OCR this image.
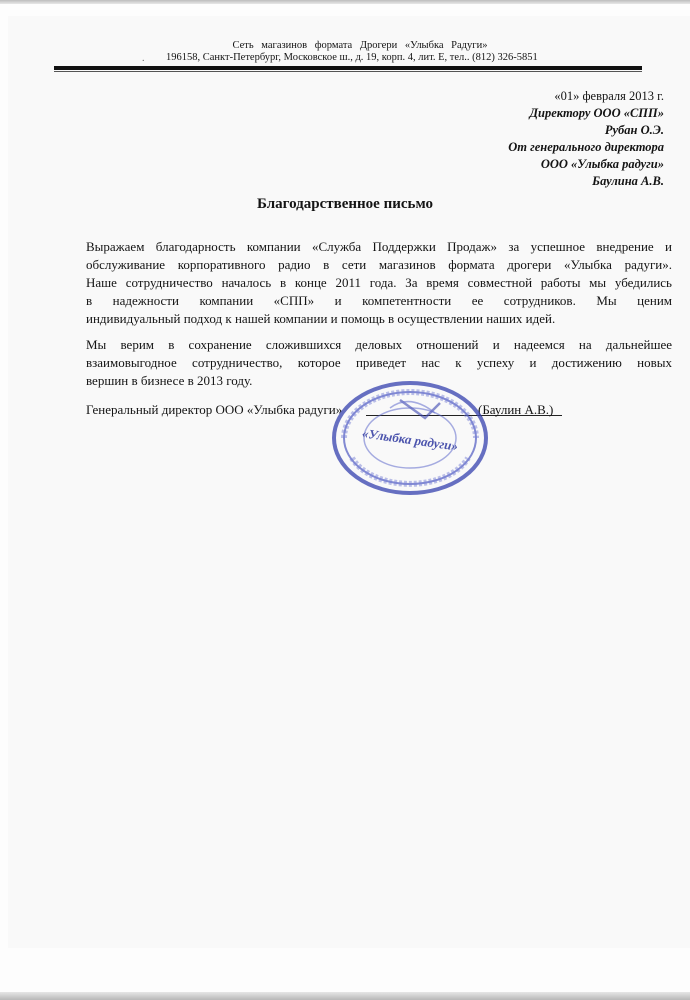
Сеть магазинов формата Дрогери «Улыбка Радуги»
. 196158, Санкт-Петербург, Московское ш., д. 19, корп. 4, лит. Е, тел.. (812) 326-5851
«01» февраля 2013 г.
Директору ООО «СПП»
Рубан О.Э.
От генерального директора
ООО «Улыбка радуги»
Баулина А.В.
Благодарственное письмо
Выражаем благодарность компании «Служба Поддержки Продаж» за успешное внедрение и
обслуживание корпоративного радио в сети магазинов формата дрогери «Улыбка радуги».
Наше сотрудничество началось в конце 2011 года. За время совместной работы мы убедились
в надежности компании «СПП» и компетентности ее сотрудников. Мы ценим
индивидуальный подход к нашей компании и помощь в осуществлении наших идей.
Мы верим в сохранение сложившихся деловых отношений и надеемся на дальнейшее
взаимовыгодное сотрудничество, которое приведет нас к успеху и достижению новых
вершин в бизнесе в 2013 году.
Генеральный директор ООО «Улыбка радуги»	(Баулин А.В.)
«Улыбка радуги»
